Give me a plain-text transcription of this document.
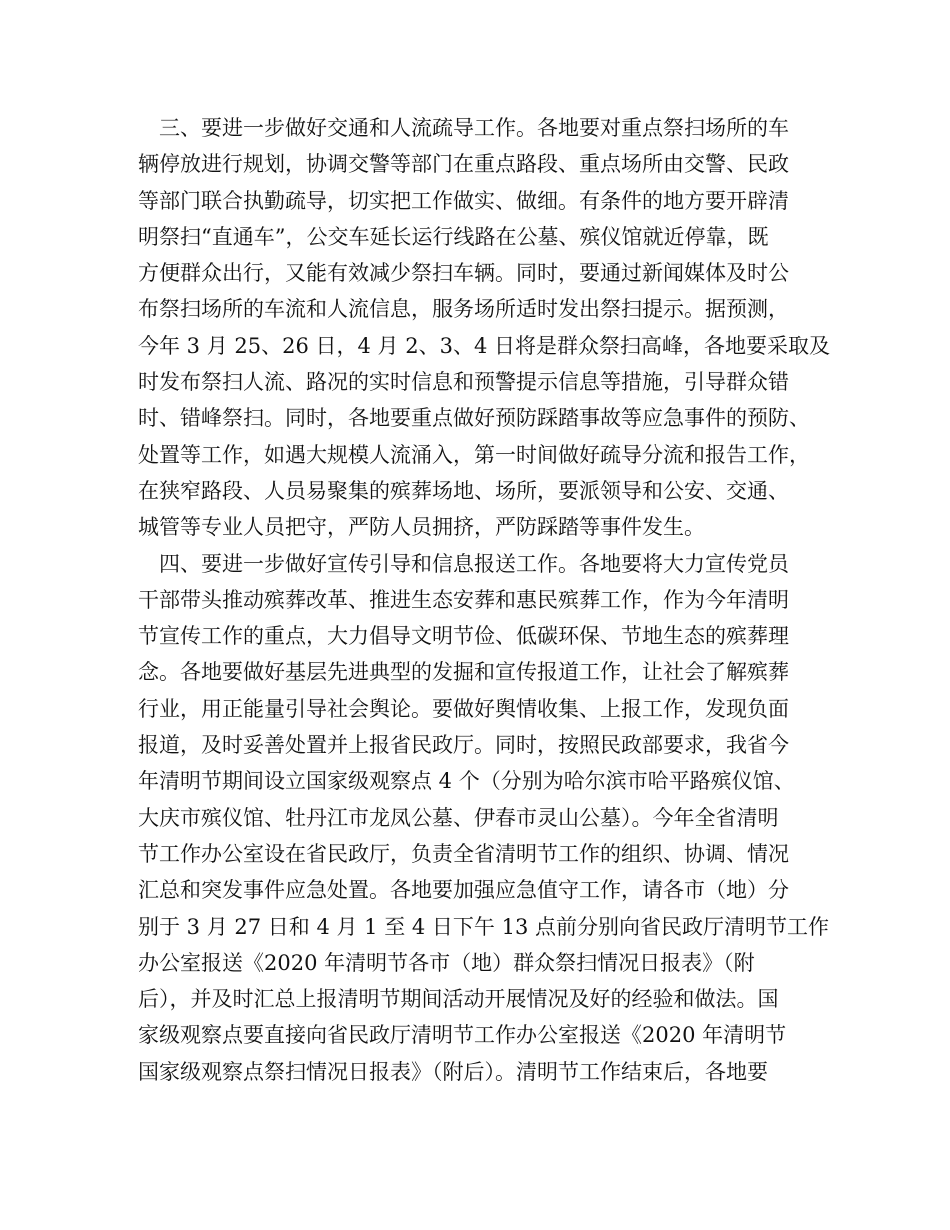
　三、要进一步做好交通和人流疏导工作。各地要对重点祭扫场所的车
辆停放进行规划，协调交警等部门在重点路段、重点场所由交警、民政
等部门联合执勤疏导，切实把工作做实、做细。有条件的地方要开辟清
明祭扫“直通车”，公交车延长运行线路在公墓、殡仪馆就近停靠，既
方便群众出行，又能有效减少祭扫车辆。同时，要通过新闻媒体及时公
布祭扫场所的车流和人流信息，服务场所适时发出祭扫提示。据预测，
今年 3 月 25、26 日，4 月 2、3、4 日将是群众祭扫高峰，各地要采取及
时发布祭扫人流、路况的实时信息和预警提示信息等措施，引导群众错
时、错峰祭扫。同时，各地要重点做好预防踩踏事故等应急事件的预防、
处置等工作，如遇大规模人流涌入，第一时间做好疏导分流和报告工作，
在狭窄路段、人员易聚集的殡葬场地、场所，要派领导和公安、交通、
城管等专业人员把守，严防人员拥挤，严防踩踏等事件发生。

　四、要进一步做好宣传引导和信息报送工作。各地要将大力宣传党员
干部带头推动殡葬改革、推进生态安葬和惠民殡葬工作，作为今年清明
节宣传工作的重点，大力倡导文明节俭、低碳环保、节地生态的殡葬理
念。各地要做好基层先进典型的发掘和宣传报道工作，让社会了解殡葬
行业，用正能量引导社会舆论。要做好舆情收集、上报工作，发现负面
报道，及时妥善处置并上报省民政厅。同时，按照民政部要求，我省今
年清明节期间设立国家级观察点 4 个（分别为哈尔滨市哈平路殡仪馆、
大庆市殡仪馆、牡丹江市龙凤公墓、伊春市灵山公墓）。今年全省清明
节工作办公室设在省民政厅，负责全省清明节工作的组织、协调、情况
汇总和突发事件应急处置。各地要加强应急值守工作，请各市（地）分
别于 3 月 27 日和 4 月 1 至 4 日下午 13 点前分别向省民政厅清明节工作
办公室报送《2020 年清明节各市（地）群众祭扫情况日报表》（附
后），并及时汇总上报清明节期间活动开展情况及好的经验和做法。国
家级观察点要直接向省民政厅清明节工作办公室报送《2020 年清明节
国家级观察点祭扫情况日报表》（附后）。清明节工作结束后，各地要
